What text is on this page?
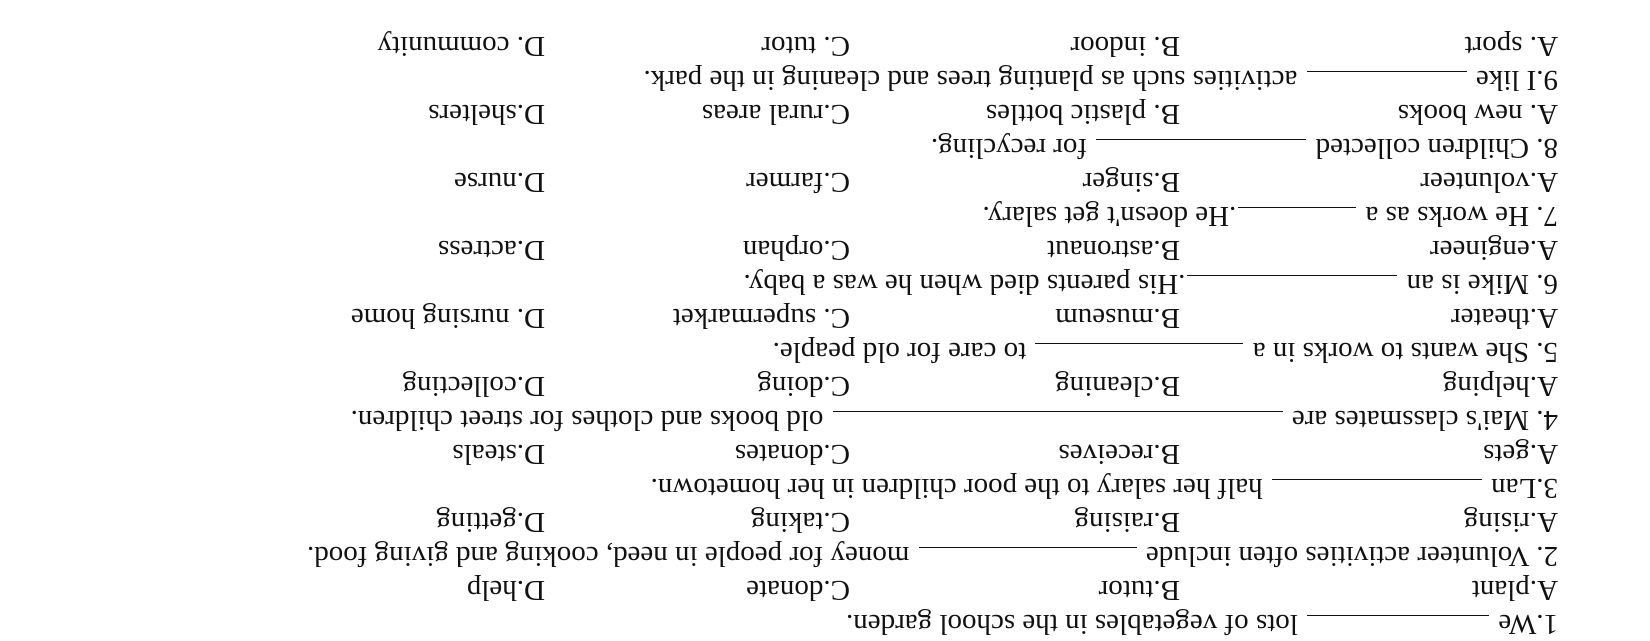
1.We  lots of vegetables in the school garden.
A.plant
B.tutor
C.donate
D.help
2. Volunteer activities often include  money for people in need, cooking and giving food.
A.rising
B.raising
C.taking
D.getting
3.Lan  half her salary to the poor children in her hometown.
A.gets
B.receives
C.donates
D.steals
4. Mai's classmates are  old books and clothes for street children.
A.helping
B.cleaning
C.doing
D.collecting
5. She wants to works in a  to care for old peaple.
A.theater
B.museum
C. supermarket
D. nursing home
6. Mike is an .His parents died when he was a baby.
A.engineer
B.astronaut
C.orphan
D.actress
7. He works as a .He doesn't get salary.
A.volunteer
B.singer
C.farmer
D.nurse
8. Children collected  for recycling.
A. new books
B. plastic bottles
C.rural areas
D.shelters
9.I like  activities such as planting trees and cleaning in the park.
A. sport
B. indoor
C. tutor
D. community
